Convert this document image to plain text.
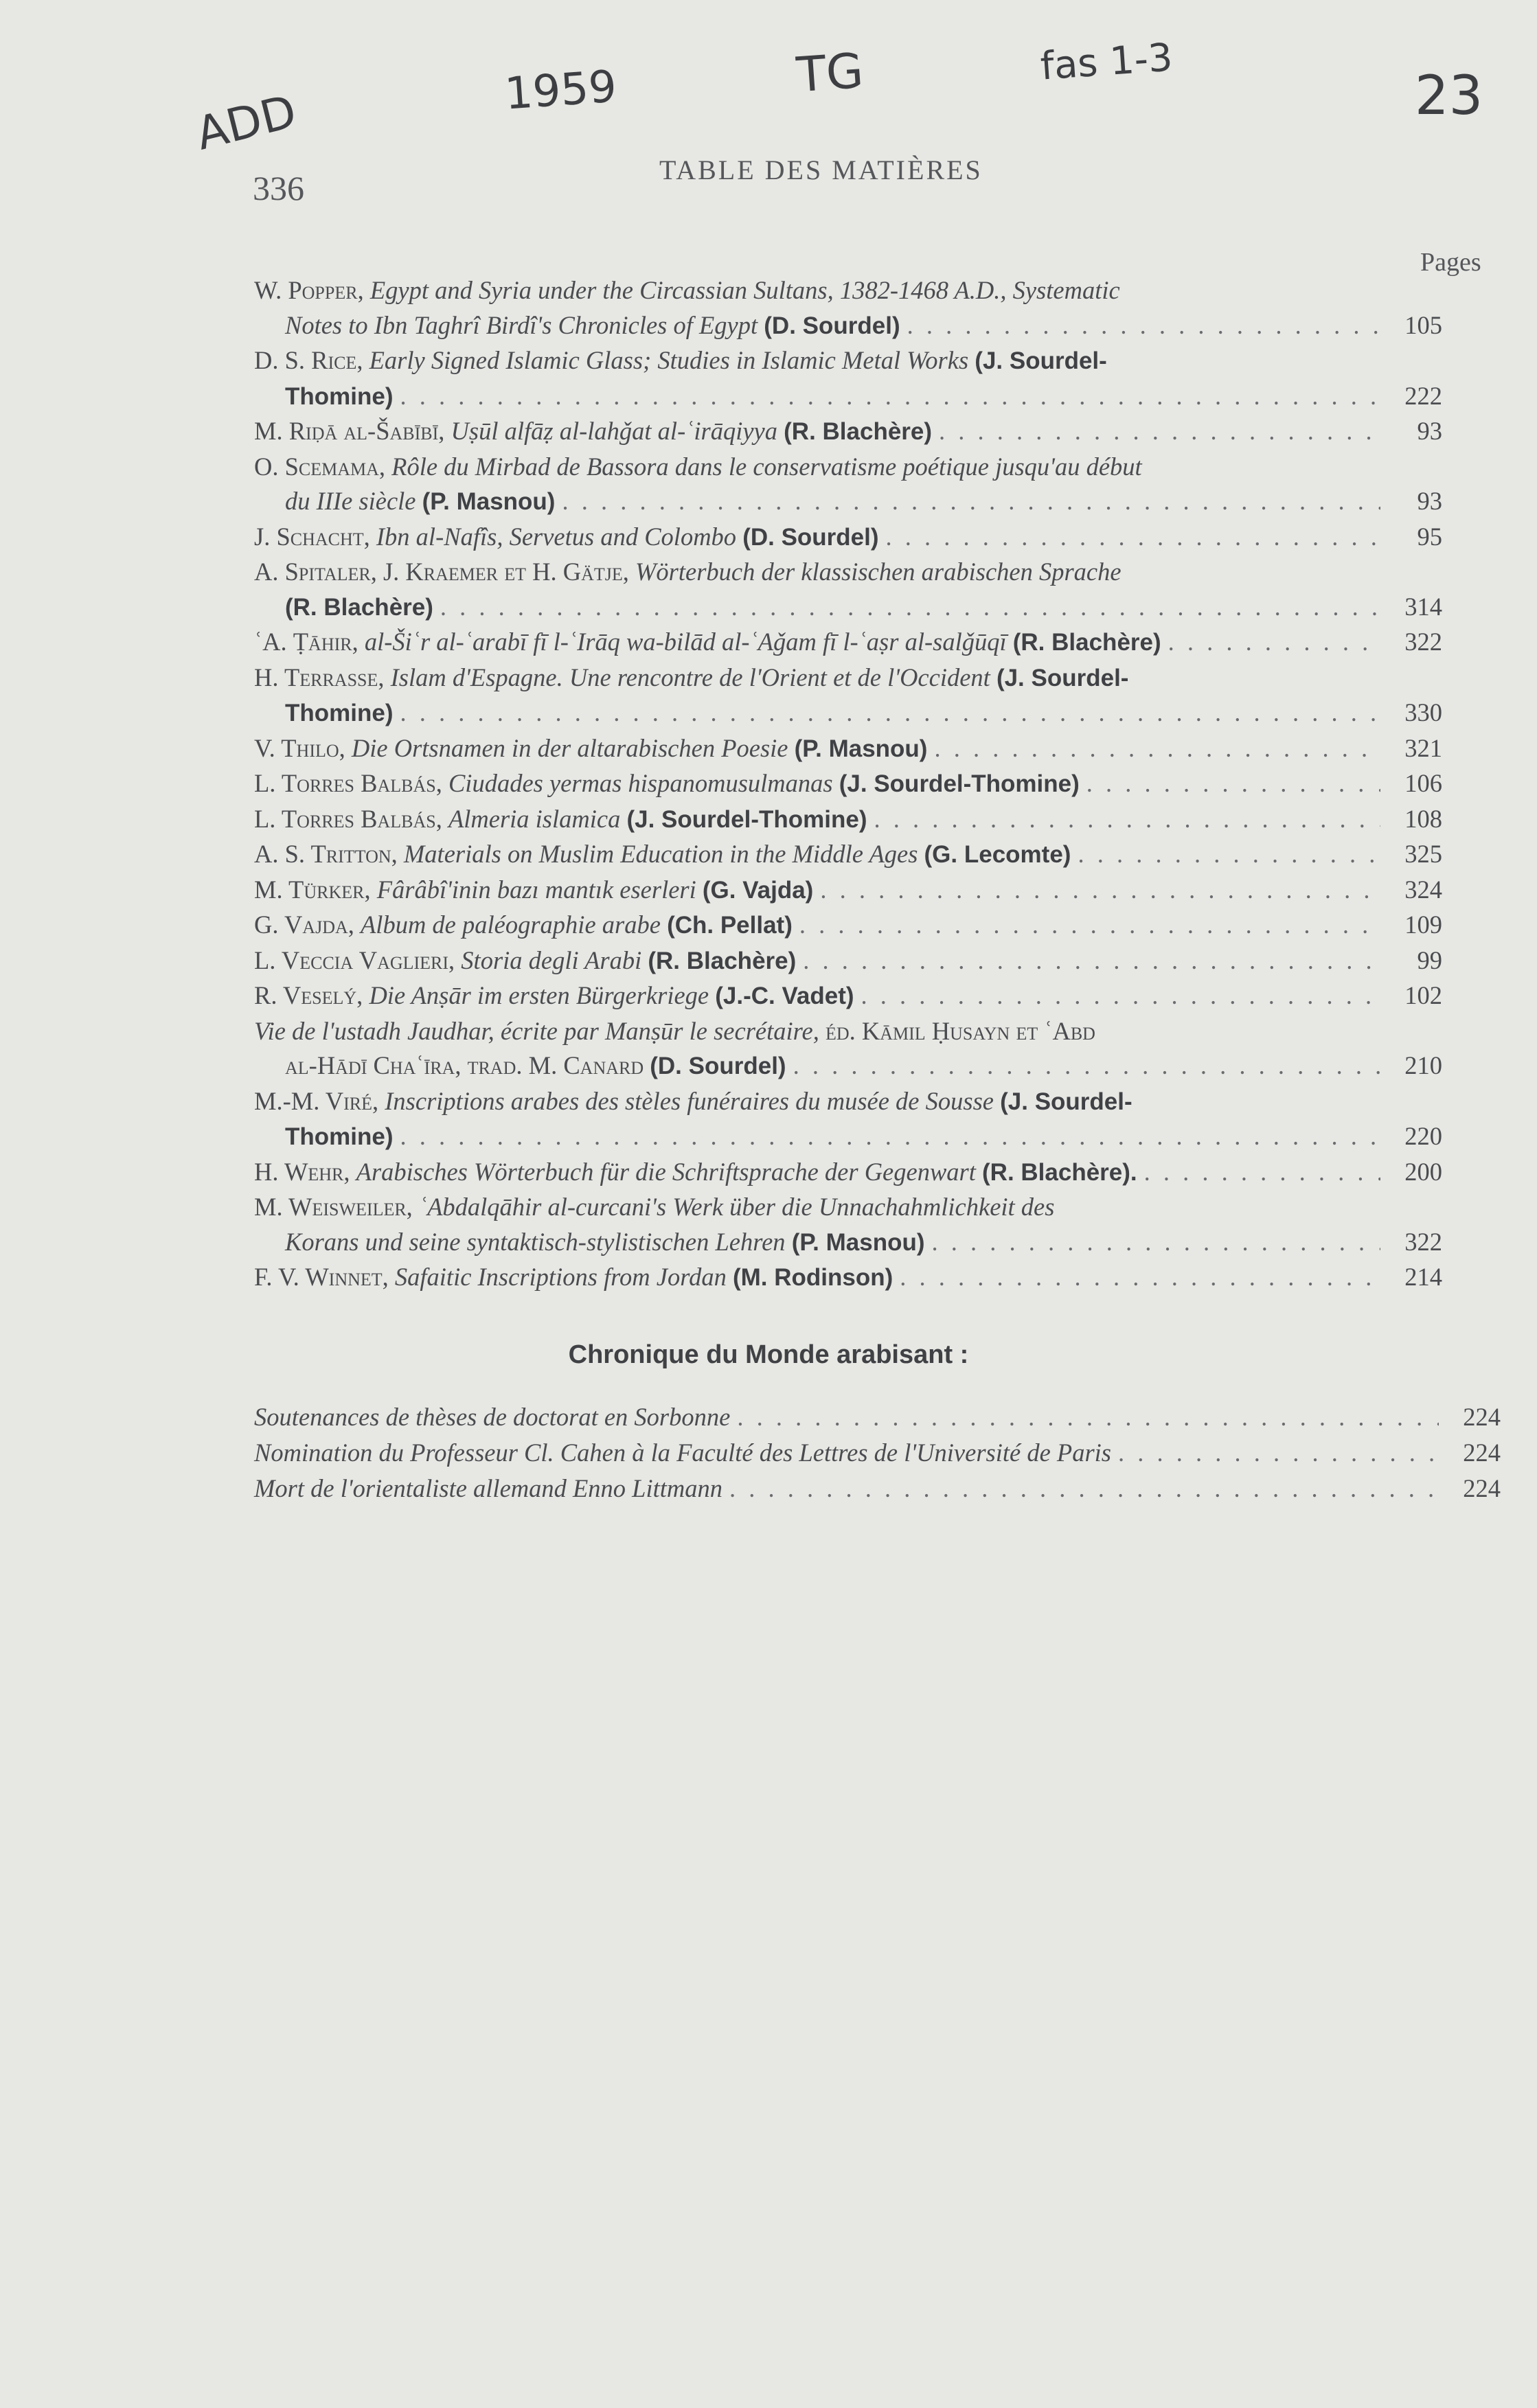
ADD	1959	TG	fas 1-3
23
336	TABLE DES MATIÈRES
Pages
W. Popper, Egypt and Syria under the Circassian Sultans, 1382-1468 A.D., Systematic
Notes to Ibn Taghrî Birdî's Chronicles of Egypt (D. Sourdel) . . .	105
D. S. Rice, Early Signed Islamic Glass; Studies in Islamic Metal Works (J. Sourdel-
Thomine) . . .	222
M. Riḍā al-Šabībī, Uṣūl alfāẓ al-lahǧat al-ʿirāqiyya (R. Blachère) . . .	93
O. Scemama, Rôle du Mirbad de Bassora dans le conservatisme poétique jusqu'au début
du IIIe siècle (P. Masnou) . . .	93
J. Schacht, Ibn al-Nafîs, Servetus and Colombo (D. Sourdel) . . .	95
A. Spitaler, J. Kraemer et H. Gätje, Wörterbuch der klassischen arabischen Sprache
(R. Blachère) . . .	314
ʿA. Ṭāhir, al-Šiʿr al-ʿarabī fī l-ʿIrāq wa-bilād al-ʿAǧam fī l-ʿaṣr al-salǧūqī (R. Blachère) . . .	322
H. Terrasse, Islam d'Espagne. Une rencontre de l'Orient et de l'Occident (J. Sourdel-
Thomine) . . .	330
V. Thilo, Die Ortsnamen in der altarabischen Poesie (P. Masnou) . . .	321
L. Torres Balbás, Ciudades yermas hispanomusulmanas (J. Sourdel-Thomine) . . .	106
L. Torres Balbás, Almeria islamica (J. Sourdel-Thomine) . . .	108
A. S. Tritton, Materials on Muslim Education in the Middle Ages (G. Lecomte) . . .	325
M. Türker, Fârâbî'inin bazı mantık eserleri (G. Vajda) . . .	324
G. Vajda, Album de paléographie arabe (Ch. Pellat) . . .	109
L. Veccia Vaglieri, Storia degli Arabi (R. Blachère) . . .	99
R. Veselý, Die Anṣār im ersten Bürgerkriege (J.-C. Vadet) . . .	102
Vie de l'ustadh Jaudhar, écrite par Manṣūr le secrétaire, éd. Kāmil Ḥusayn et ʿAbd
al-Hādī Chaʿīra, trad. M. Canard (D. Sourdel) . . .	210
M.-M. Viré, Inscriptions arabes des stèles funéraires du musée de Sousse (J. Sourdel-
Thomine) . . .	220
H. Wehr, Arabisches Wörterbuch für die Schriftsprache der Gegenwart (R. Blachère). . . .	200
M. Weisweiler, ʿAbdalqāhir al-curcani's Werk über die Unnachahmlichkeit des
Korans und seine syntaktisch-stylistischen Lehren (P. Masnou) . . .	322
F. V. Winnet, Safaitic Inscriptions from Jordan (M. Rodinson) . . .	214
Chronique du Monde arabisant :
Soutenances de thèses de doctorat en Sorbonne . . .	224
Nomination du Professeur Cl. Cahen à la Faculté des Lettres de l'Université de Paris . . .	224
Mort de l'orientaliste allemand Enno Littmann . . .	224
